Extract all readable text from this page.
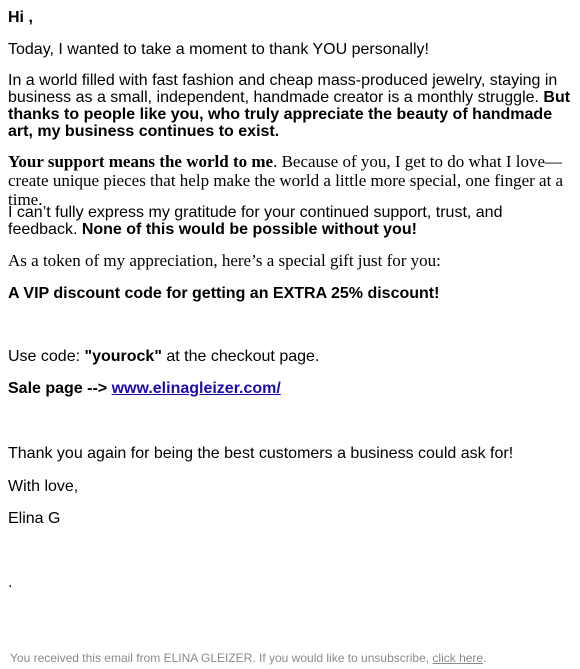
Hi ,

Today, I wanted to take a moment to thank YOU personally!

In a world filled with fast fashion and cheap mass-produced jewelry, staying in business as a small, independent, handmade creator is a monthly struggle. But thanks to people like you, who truly appreciate the beauty of handmade art, my business continues to exist.

Your support means the world to me. Because of you, I get to do what I love—create unique pieces that help make the world a little more special, one finger at a time.

I can’t fully express my gratitude for your continued support, trust, and feedback. None of this would be possible without you!

As a token of my appreciation, here’s a special gift just for you:

A VIP discount code for getting an EXTRA 25% discount!

Use code: "yourock" at the checkout page.

Sale page --> www.elinagleizer.com/

Thank you again for being the best customers a business could ask for!

With love,

Elina G

.

You received this email from ELINA GLEIZER. If you would like to unsubscribe, click here.
